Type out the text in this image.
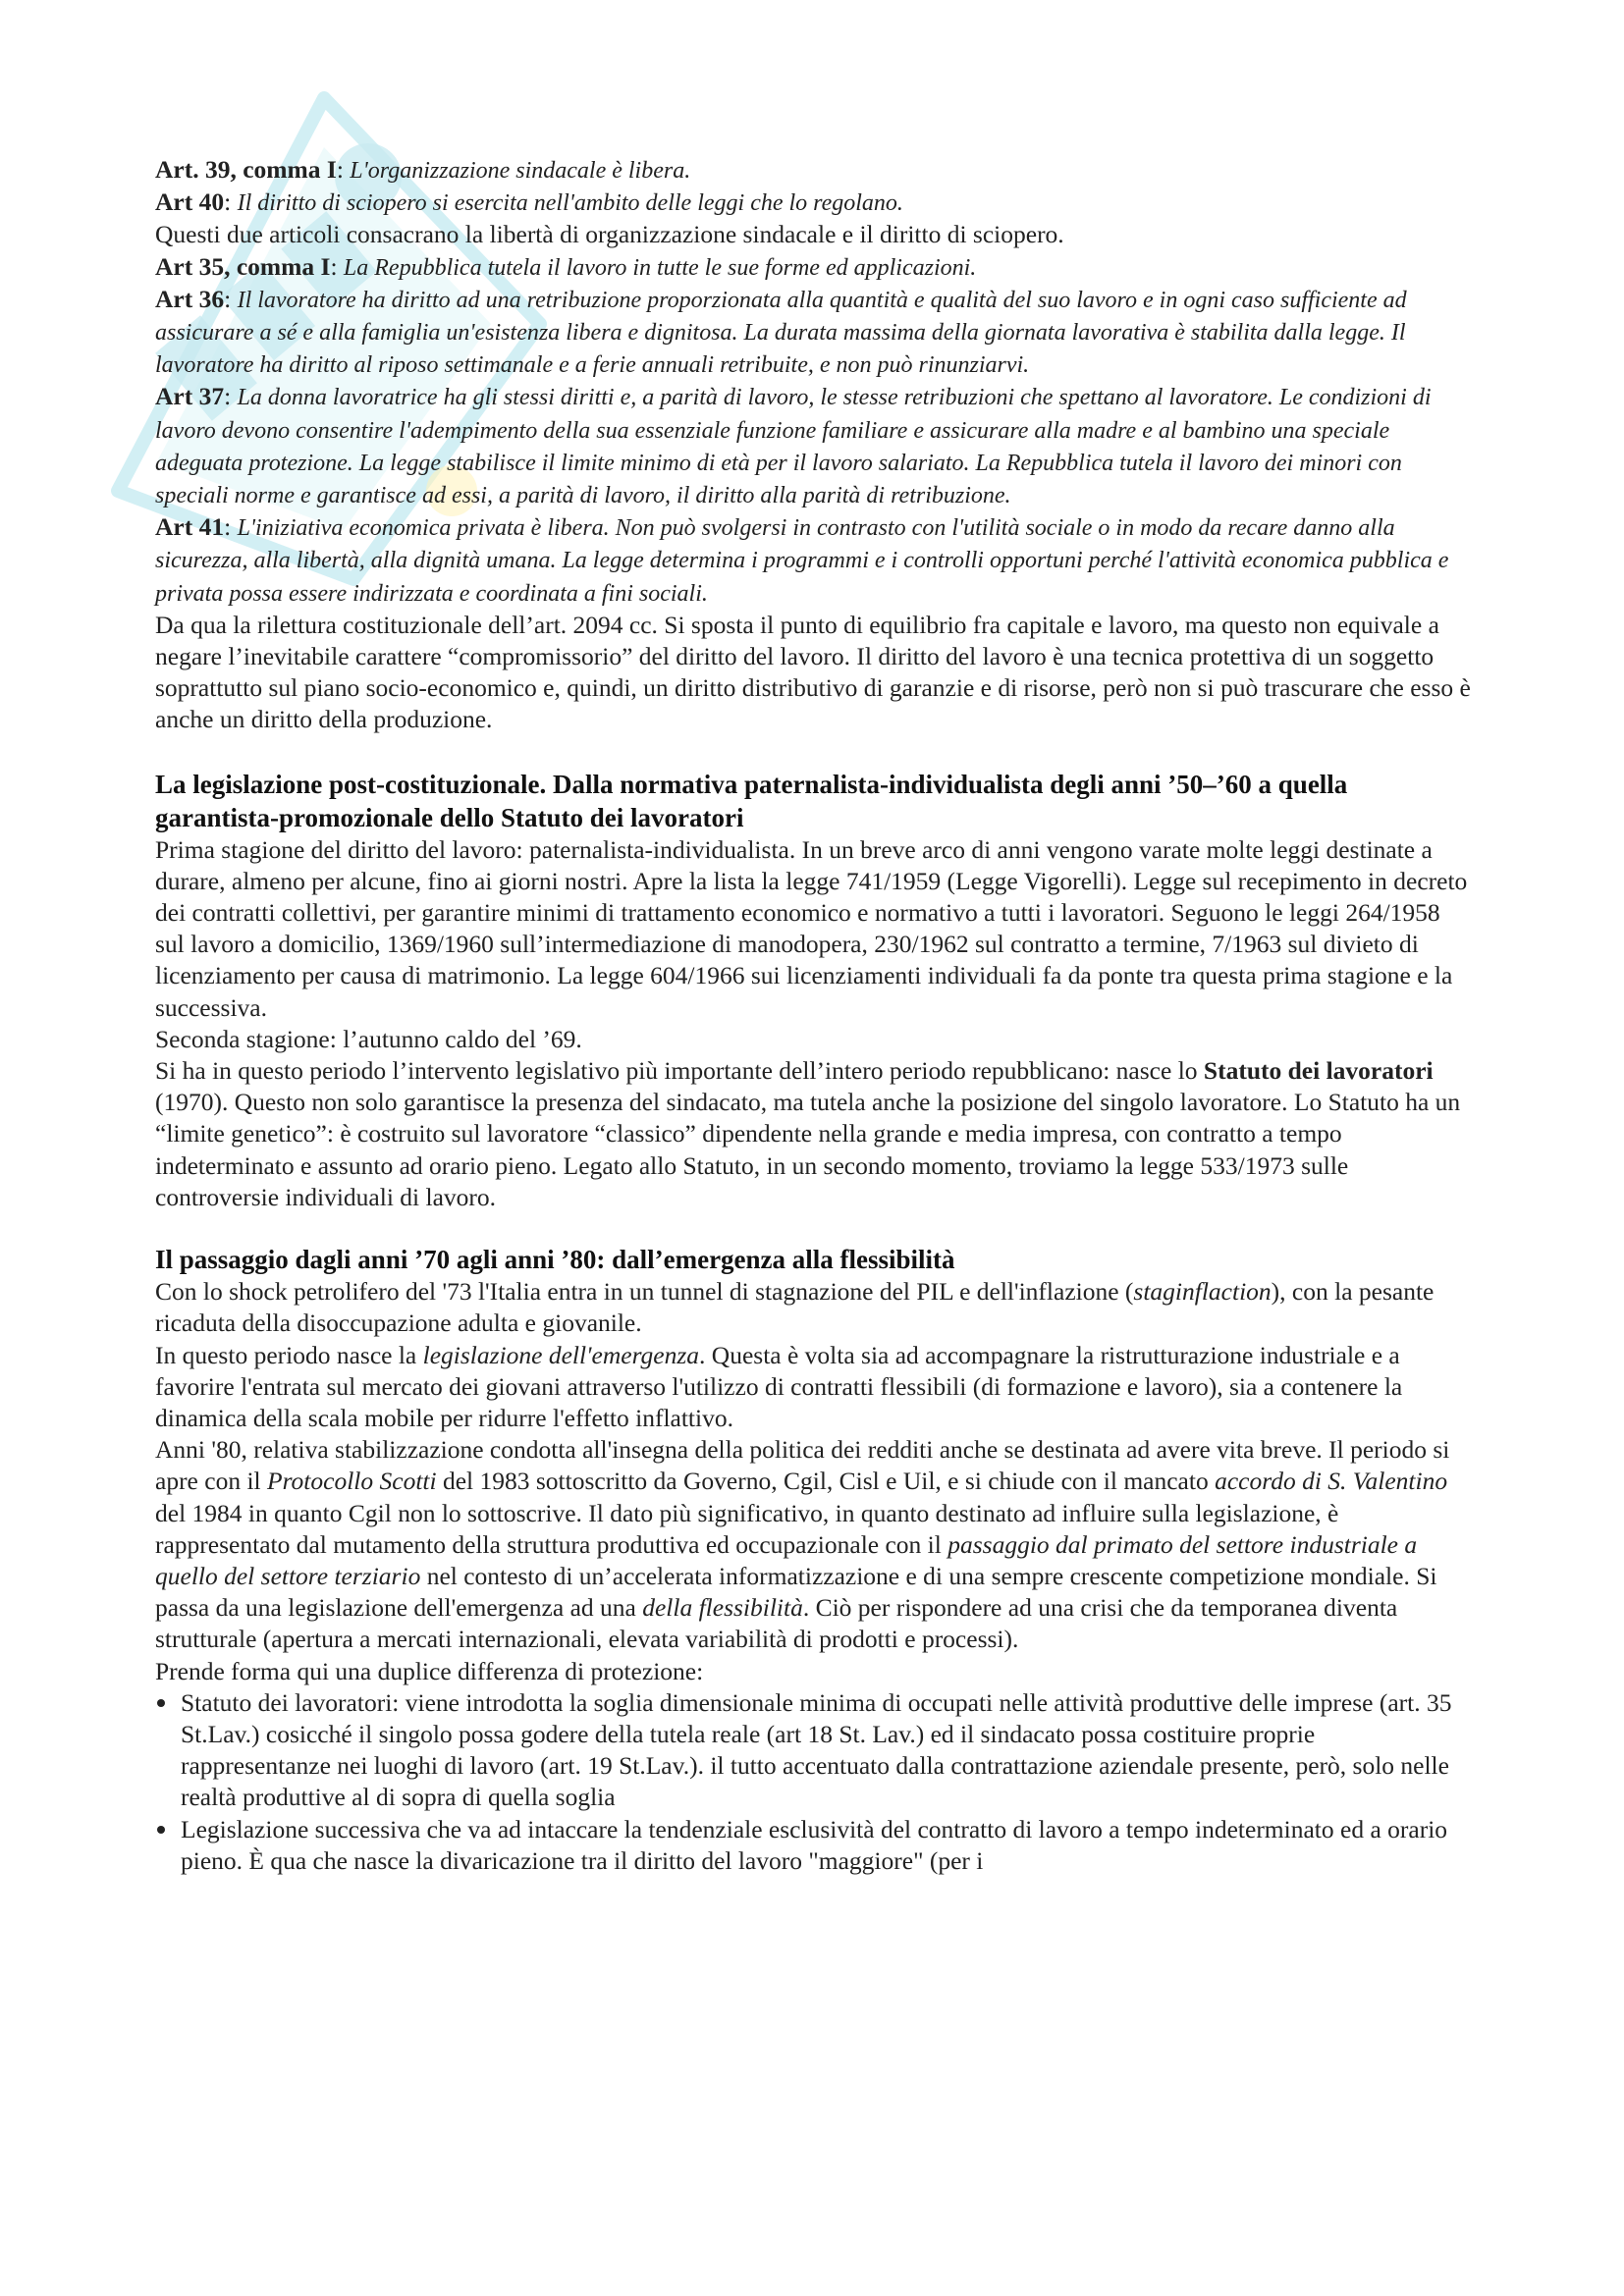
Art. 39, comma I: L'organizzazione sindacale è libera.

Art 40: Il diritto di sciopero si esercita nell'ambito delle leggi che lo regolano.

Questi due articoli consacrano la libertà di organizzazione sindacale e il diritto di sciopero.

Art 35, comma I: La Repubblica tutela il lavoro in tutte le sue forme ed applicazioni.

Art 36: Il lavoratore ha diritto ad una retribuzione proporzionata alla quantità e qualità del suo lavoro e in ogni caso sufficiente ad assicurare a sé e alla famiglia un'esistenza libera e dignitosa. La durata massima della giornata lavorativa è stabilita dalla legge. Il lavoratore ha diritto al riposo settimanale e a ferie annuali retribuite, e non può rinunziarvi.

Art 37: La donna lavoratrice ha gli stessi diritti e, a parità di lavoro, le stesse retribuzioni che spettano al lavoratore. Le condizioni di lavoro devono consentire l'adempimento della sua essenziale funzione familiare e assicurare alla madre e al bambino una speciale adeguata protezione. La legge stabilisce il limite minimo di età per il lavoro salariato. La Repubblica tutela il lavoro dei minori con speciali norme e garantisce ad essi, a parità di lavoro, il diritto alla parità di retribuzione.

Art 41: L'iniziativa economica privata è libera. Non può svolgersi in contrasto con l'utilità sociale o in modo da recare danno alla sicurezza, alla libertà, alla dignità umana. La legge determina i programmi e i controlli opportuni perché l'attività economica pubblica e privata possa essere indirizzata e coordinata a fini sociali.

Da qua la rilettura costituzionale dell’art. 2094 cc. Si sposta il punto di equilibrio fra capitale e lavoro, ma questo non equivale a negare l’inevitabile carattere “compromissorio” del diritto del lavoro. Il diritto del lavoro è una tecnica protettiva di un soggetto soprattutto sul piano socio-economico e, quindi, un diritto distributivo di garanzie e di risorse, però non si può trascurare che esso è anche un diritto della produzione.

La legislazione post-costituzionale. Dalla normativa paternalista-individualista degli anni ’50–’60 a quella garantista-promozionale dello Statuto dei lavoratori

Prima stagione del diritto del lavoro: paternalista-individualista. In un breve arco di anni vengono varate molte leggi destinate a durare, almeno per alcune, fino ai giorni nostri. Apre la lista la legge 741/1959 (Legge Vigorelli). Legge sul recepimento in decreto dei contratti collettivi, per garantire minimi di trattamento economico e normativo a tutti i lavoratori. Seguono le leggi 264/1958 sul lavoro a domicilio, 1369/1960 sull’intermediazione di manodopera, 230/1962 sul contratto a termine, 7/1963 sul divieto di licenziamento per causa di matrimonio. La legge 604/1966 sui licenziamenti individuali fa da ponte tra questa prima stagione e la successiva.

Seconda stagione: l’autunno caldo del ’69.

Si ha in questo periodo l’intervento legislativo più importante dell’intero periodo repubblicano: nasce lo Statuto dei lavoratori (1970). Questo non solo garantisce la presenza del sindacato, ma tutela anche la posizione del singolo lavoratore. Lo Statuto ha un “limite genetico”: è costruito sul lavoratore “classico” dipendente nella grande e media impresa, con contratto a tempo indeterminato e assunto ad orario pieno. Legato allo Statuto, in un secondo momento, troviamo la legge 533/1973 sulle controversie individuali di lavoro.

Il passaggio dagli anni ’70 agli anni ’80: dall’emergenza alla flessibilità

Con lo shock petrolifero del '73 l'Italia entra in un tunnel di stagnazione del PIL e dell'inflazione (staginflaction), con la pesante ricaduta della disoccupazione adulta e giovanile.

In questo periodo nasce la legislazione dell'emergenza. Questa è volta sia ad accompagnare la ristrutturazione industriale e a favorire l'entrata sul mercato dei giovani attraverso l'utilizzo di contratti flessibili (di formazione e lavoro), sia a contenere la dinamica della scala mobile per ridurre l'effetto inflattivo.

Anni '80, relativa stabilizzazione condotta all'insegna della politica dei redditi anche se destinata ad avere vita breve. Il periodo si apre con il Protocollo Scotti del 1983 sottoscritto da Governo, Cgil, Cisl e Uil, e si chiude con il mancato accordo di S. Valentino del 1984 in quanto Cgil non lo sottoscrive. Il dato più significativo, in quanto destinato ad influire sulla legislazione, è rappresentato dal mutamento della struttura produttiva ed occupazionale con il passaggio dal primato del settore industriale a quello del settore terziario nel contesto di un’accelerata informatizzazione e di una sempre crescente competizione mondiale. Si passa da una legislazione dell'emergenza ad una della flessibilità. Ciò per rispondere ad una crisi che da temporanea diventa strutturale (apertura a mercati internazionali, elevata variabilità di prodotti e processi).

Prende forma qui una duplice differenza di protezione:

Statuto dei lavoratori: viene introdotta la soglia dimensionale minima di occupati nelle attività produttive delle imprese (art. 35 St.Lav.) cosicché il singolo possa godere della tutela reale (art 18 St. Lav.) ed il sindacato possa costituire proprie rappresentanze nei luoghi di lavoro (art. 19 St.Lav.). il tutto accentuato dalla contrattazione aziendale presente, però, solo nelle realtà produttive al di sopra di quella soglia
Legislazione successiva che va ad intaccare la tendenziale esclusività del contratto di lavoro a tempo indeterminato ed a orario pieno. È qua che nasce la divaricazione tra il diritto del lavoro "maggiore" (per i
